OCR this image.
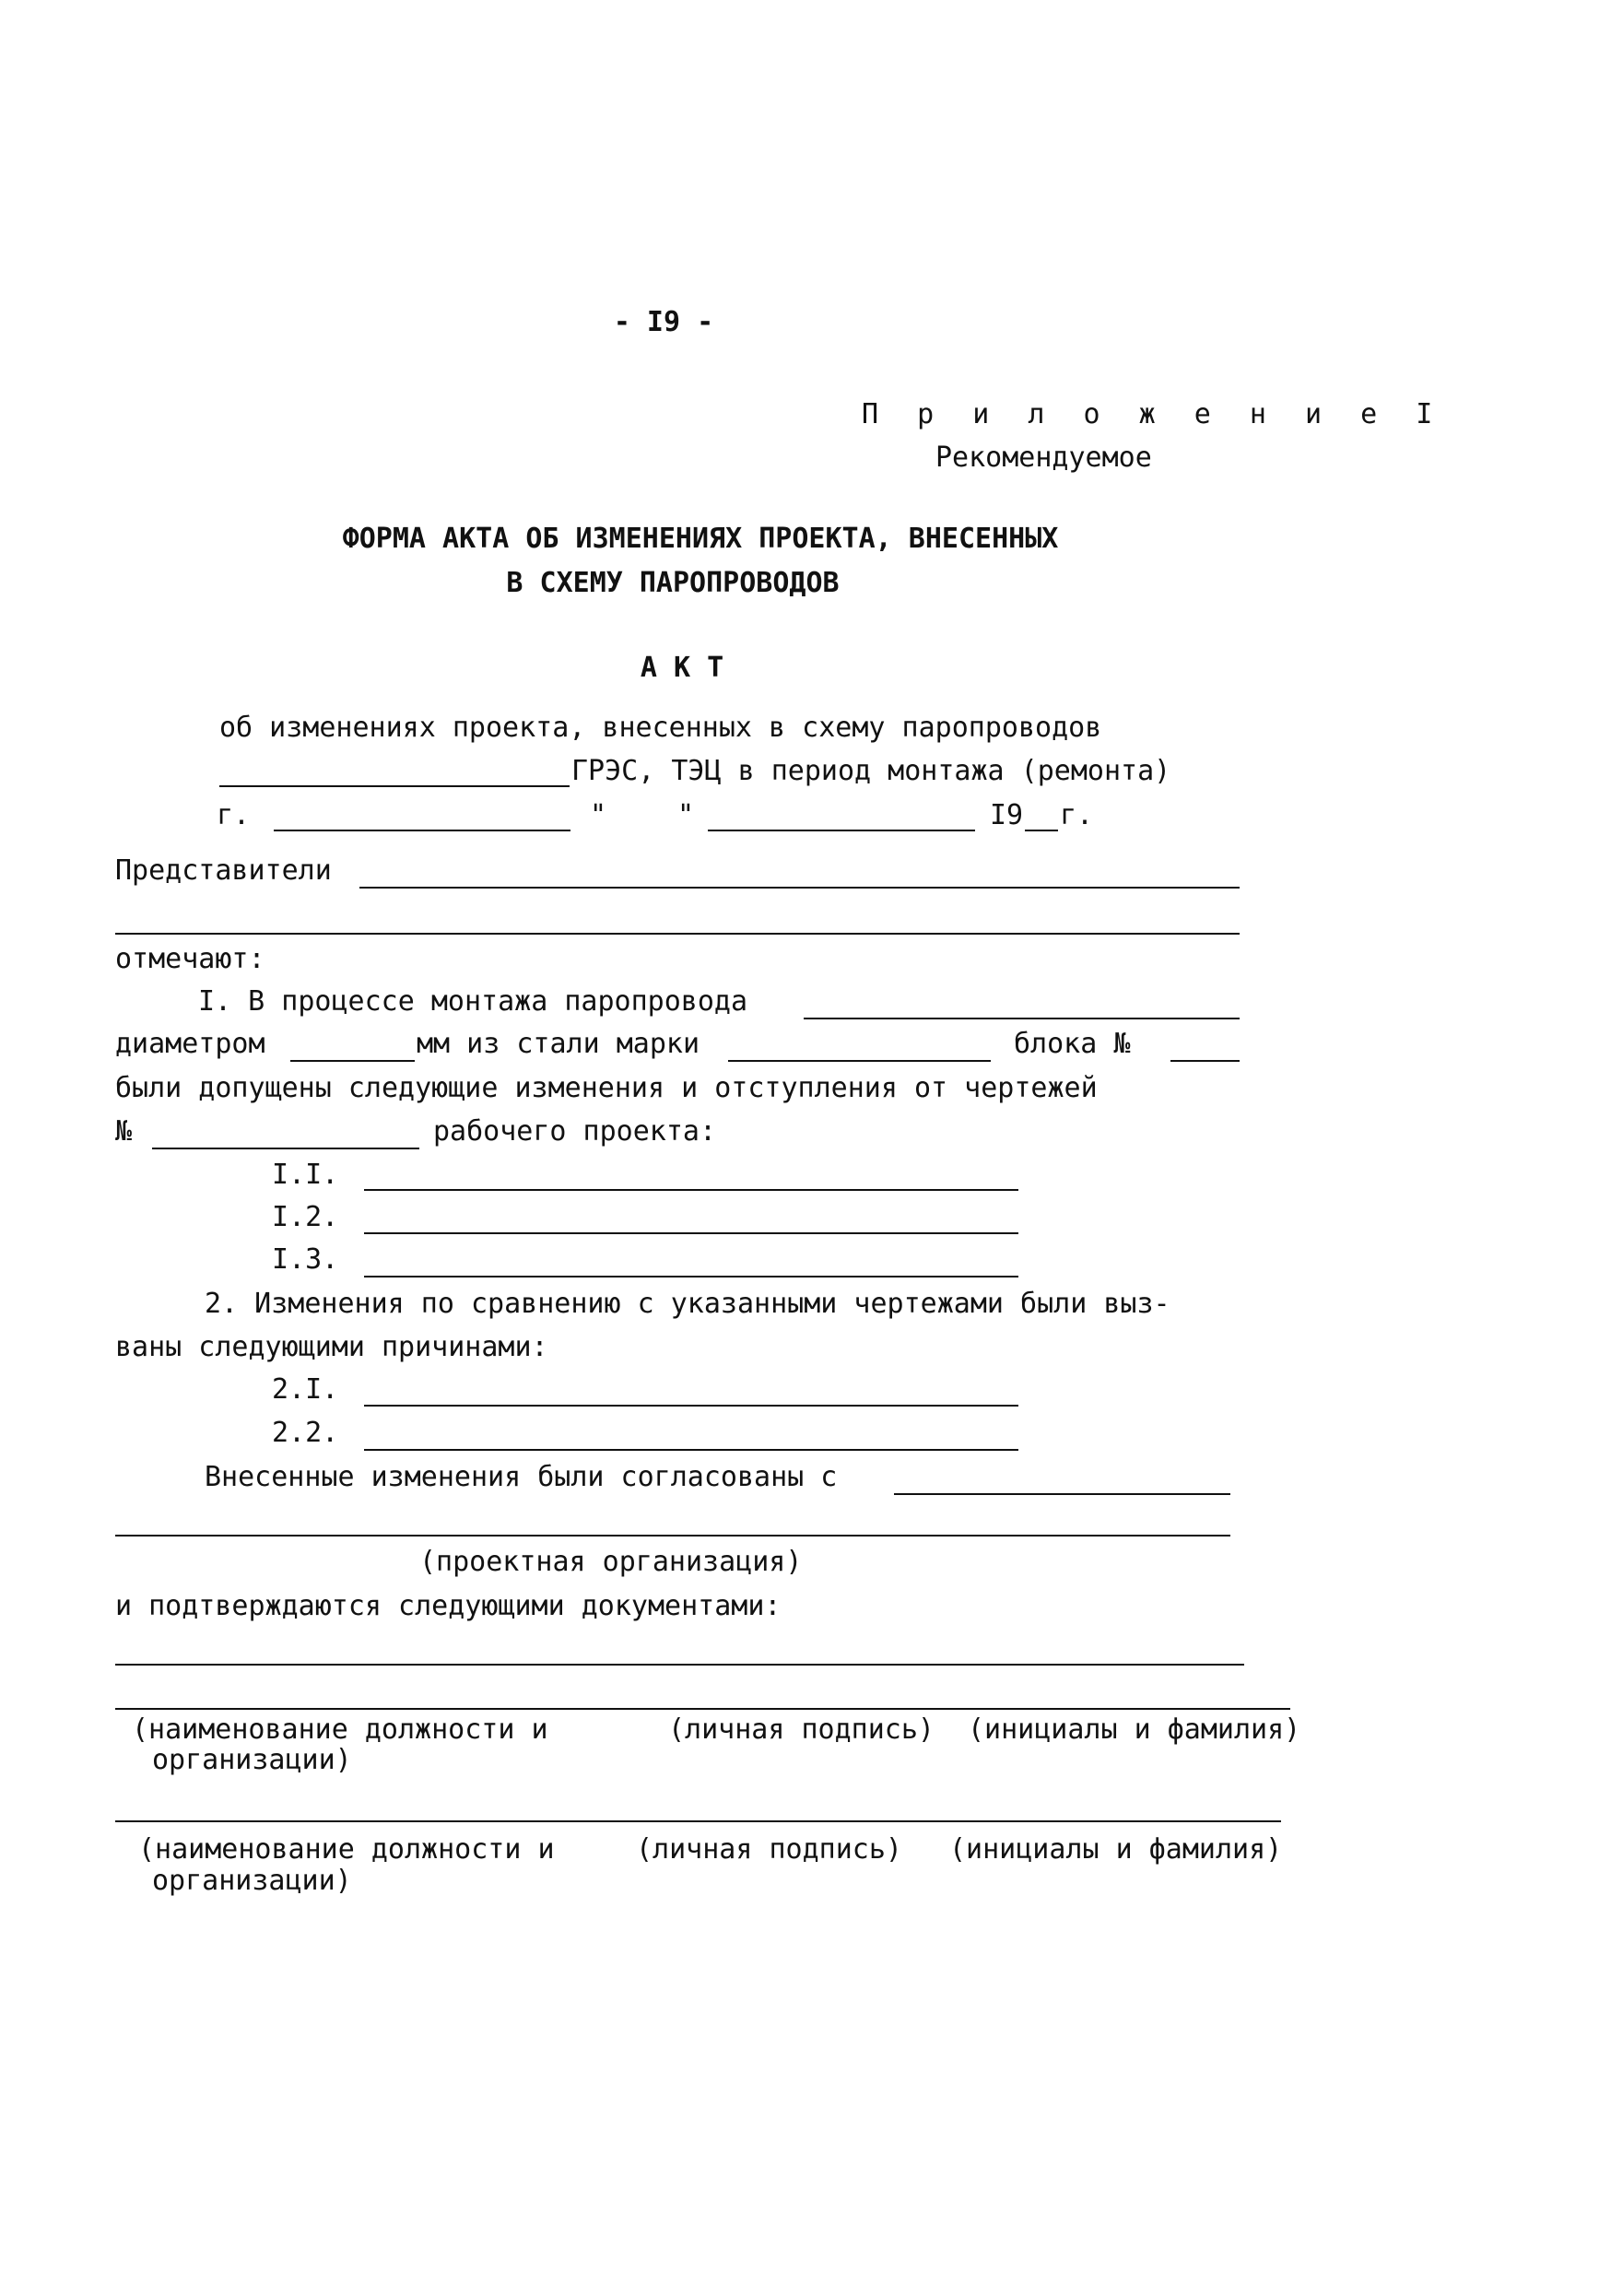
- I9 -
П р и л о ж е н и е I
Рекомендуемое
ФОРМА АКТА ОБ ИЗМЕНЕНИЯХ ПРОЕКТА, ВНЕСЕННЫХ
В СХЕМУ ПАРОПРОВОДОВ
А К Т
об изменениях проекта, внесенных в схему паропроводов
ГРЭС, ТЭЦ в период монтажа (ремонта)
г.	"	"	I9 г.
Представители
отмечают:
I. В процессе монтажа паропровода
диаметром	мм из стали марки	блока №
были допущены следующие изменения и отступления от чертежей
№	рабочего проекта:
I.I.
I.2.
I.3.
2. Изменения по сравнению с указанными чертежами были выз-
ваны следующими причинами:
2.I.
2.2.
Внесенные изменения были согласованы с
(проектная организация)
и подтверждаются следующими документами:
(наименование должности и
организации)
(личная подпись) (инициалы и фамилия)
(наименование должности и
организации)
(личная подпись) (инициалы и фамилия)
